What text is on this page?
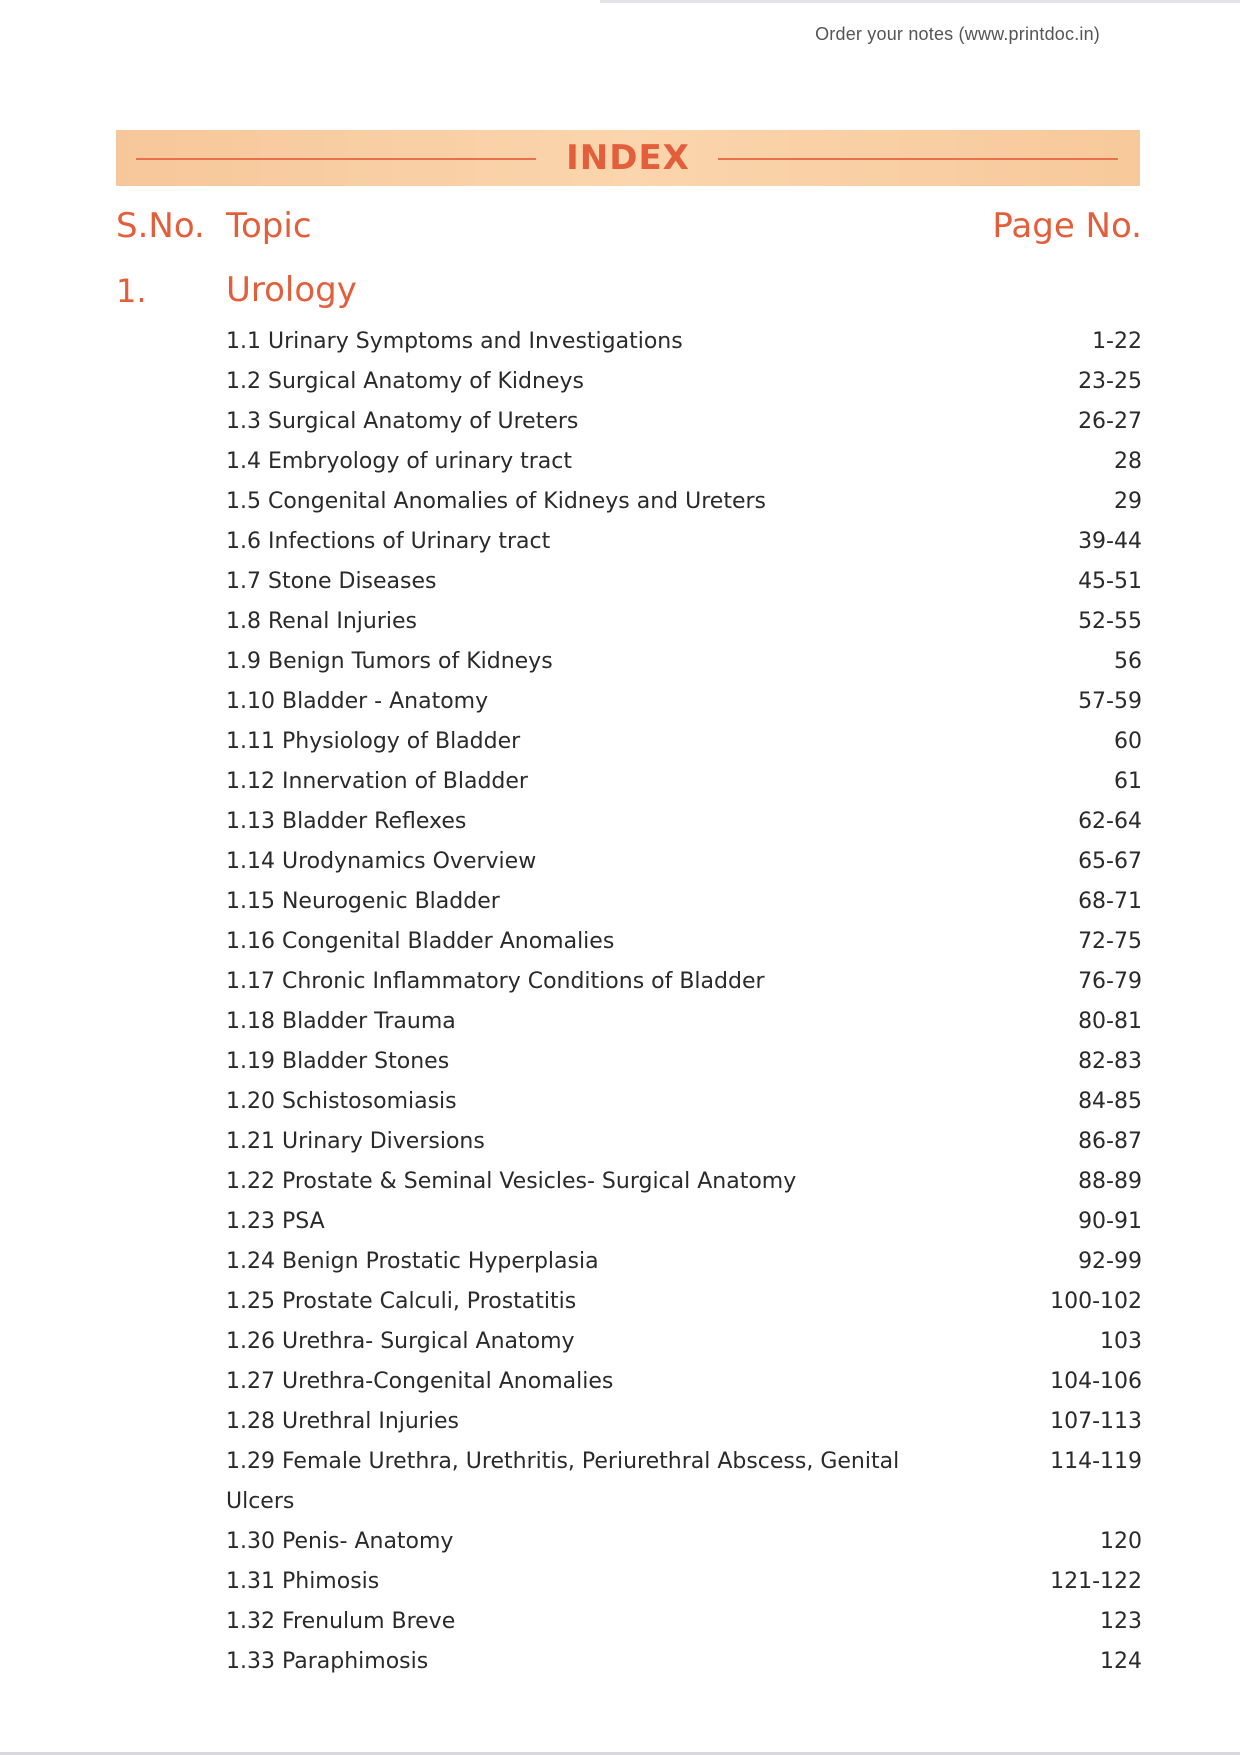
Order your notes (www.printdoc.in)
INDEX
S.No. Topic	Page No.
1. Urology
1.1 Urinary Symptoms and Investigations	1-22
1.2 Surgical Anatomy of Kidneys	23-25
1.3 Surgical Anatomy of Ureters	26-27
1.4 Embryology of urinary tract	28
1.5 Congenital Anomalies of Kidneys and Ureters	29
1.6 Infections of Urinary tract	39-44
1.7 Stone Diseases	45-51
1.8 Renal Injuries	52-55
1.9 Benign Tumors of Kidneys	56
1.10 Bladder - Anatomy	57-59
1.11 Physiology of Bladder	60
1.12 Innervation of Bladder	61
1.13 Bladder Reflexes	62-64
1.14 Urodynamics Overview	65-67
1.15 Neurogenic Bladder	68-71
1.16 Congenital Bladder Anomalies	72-75
1.17 Chronic Inflammatory Conditions of Bladder	76-79
1.18 Bladder Trauma	80-81
1.19 Bladder Stones	82-83
1.20 Schistosomiasis	84-85
1.21 Urinary Diversions	86-87
1.22 Prostate & Seminal Vesicles- Surgical Anatomy	88-89
1.23 PSA	90-91
1.24 Benign Prostatic Hyperplasia	92-99
1.25 Prostate Calculi, Prostatitis	100-102
1.26 Urethra- Surgical Anatomy	103
1.27 Urethra-Congenital Anomalies	104-106
1.28 Urethral Injuries	107-113
1.29 Female Urethra, Urethritis, Periurethral Abscess, Genital Ulcers
114-119
1.30 Penis- Anatomy	120
1.31 Phimosis	121-122
1.32 Frenulum Breve	123
1.33 Paraphimosis	124
